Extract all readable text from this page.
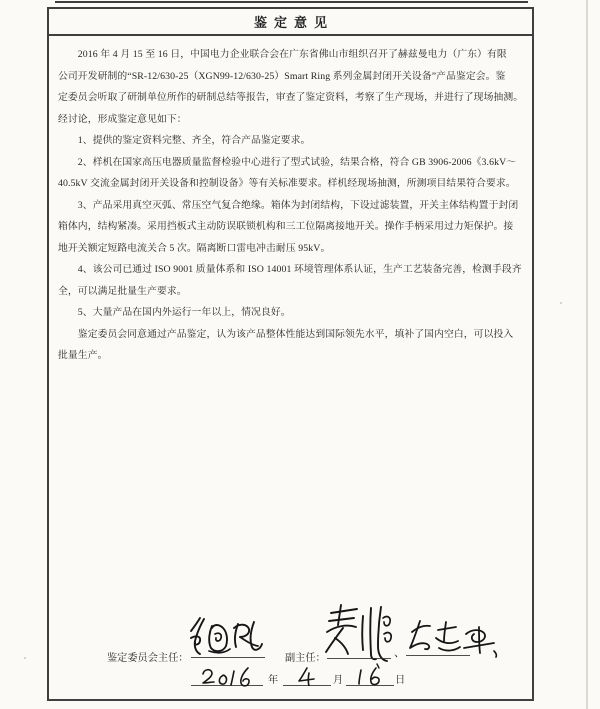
鉴定意见
　　2016 年 4 月 15 至 16 日，中国电力企业联合会在广东省佛山市组织召开了赫兹曼电力（广东）有限
公司开发研制的“SR-12/630-25（XGN99-12/630-25）Smart Ring 系列金属封闭开关设备”产品鉴定会。鉴
定委员会听取了研制单位所作的研制总结等报告，审查了鉴定资料，考察了生产现场，并进行了现场抽测。
经讨论，形成鉴定意见如下：
　　1、提供的鉴定资料完整、齐全，符合产品鉴定要求。
　　2、样机在国家高压电器质量监督检验中心进行了型式试验，结果合格，符合 GB 3906-2006《3.6kV～
40.5kV 交流金属封闭开关设备和控制设备》等有关标准要求。样机经现场抽测，所测项目结果符合要求。
　　3、产品采用真空灭弧、常压空气复合绝缘。箱体为封闭结构，下设过滤装置，开关主体结构置于封闭
箱体内，结构紧凑。采用挡板式主动防误联锁机构和三工位隔离接地开关。操作手柄采用过力矩保护。接
地开关额定短路电流关合 5 次。隔离断口雷电冲击耐压 95kV。
　　4、该公司已通过 ISO 9001 质量体系和 ISO 14001 环境管理体系认证，生产工艺装备完善，检测手段齐
全，可以满足批量生产要求。
　　5、大量产品在国内外运行一年以上，情况良好。
　　鉴定委员会同意通过产品鉴定，认为该产品整体性能达到国际领先水平，填补了国内空白，可以投入
批量生产。
鉴定委员会主任：	副主任：	、
年	月	日
